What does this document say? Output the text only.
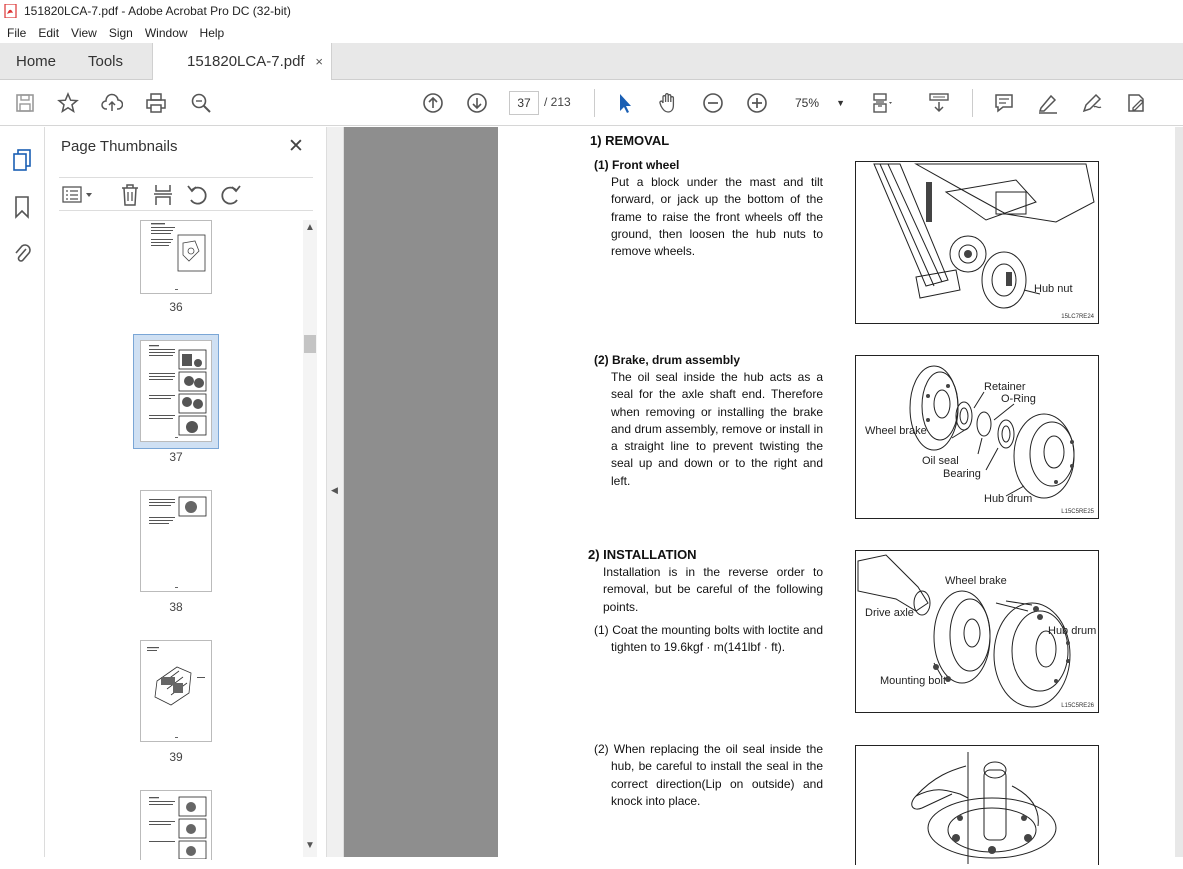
151820LCA-7.pdf - Adobe Acrobat Pro DC (32-bit)
File	Edit	View	Sign	Window	Help
Home Tools	151820LCA-7.pdf ×
37	/ 213	75% ▼
Page Thumbnails	✕
36
37
38
39
▲
▼
◀
1) REMOVAL
(1) Front wheel
Put a block under the mast and tilt forward, or jack up the bottom of the frame to raise the front wheels off the ground, then loosen the hub nuts to remove wheels.
Hub nut
15LC7RE24
(2) Brake, drum assembly
The oil seal inside the hub acts as a seal for the axle shaft end. Therefore when removing or installing the brake and drum assembly, remove or install in a straight line to prevent twisting the seal up and down or to the right and left.
Retainer
O-Ring
Wheel brake
Oil seal
Bearing
Hub drum
L15C5RE25
2) INSTALLATION
Installation is in the reverse order to removal, but be careful of the following points.
(1) Coat the mounting bolts with loctite and tighten to 19.6kgf · m(141lbf · ft).
Wheel brake
Drive axle
Hub drum
Mounting bolt
L15C5RE26
(2) When replacing the oil seal inside the hub, be careful to install the seal in the correct direction(Lip on outside) and knock into place.
